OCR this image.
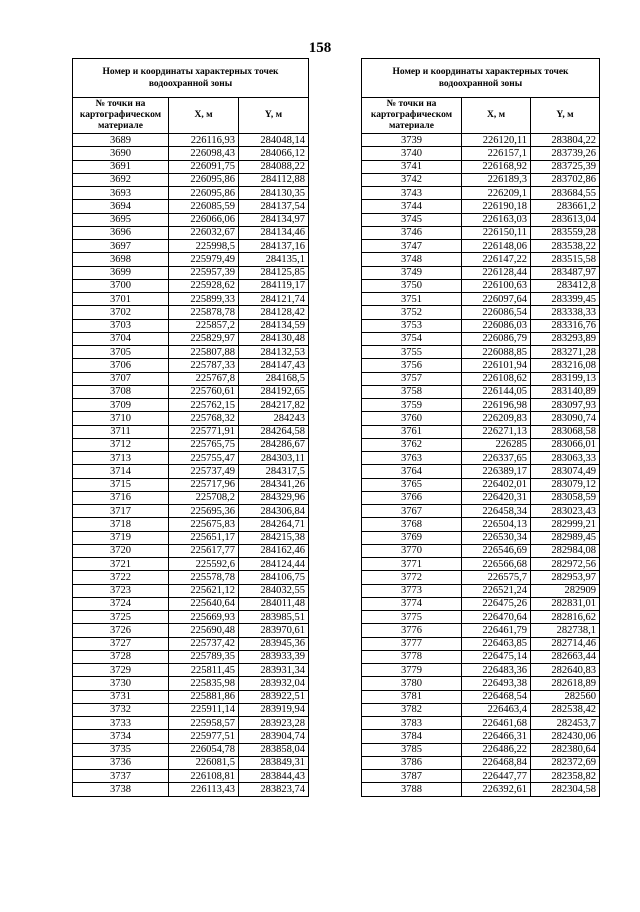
158
Номер и координаты характерных точек водоохранной зоны		
№ точки на картографическом материале	X, м	Y, м
3689	226116,93	284048,14
3690	226098,43	284066,12
3691	226091,75	284088,22
3692	226095,86	284112,88
3693	226095,86	284130,35
3694	226085,59	284137,54
3695	226066,06	284134,97
3696	226032,67	284134,46
3697	225998,5	284137,16
3698	225979,49	284135,1
3699	225957,39	284125,85
3700	225928,62	284119,17
3701	225899,33	284121,74
3702	225878,78	284128,42
3703	225857,2	284134,59
3704	225829,97	284130,48
3705	225807,88	284132,53
3706	225787,33	284147,43
3707	225767,8	284168,5
3708	225760,61	284192,65
3709	225762,15	284217,82
3710	225768,32	284243
3711	225771,91	284264,58
3712	225765,75	284286,67
3713	225755,47	284303,11
3714	225737,49	284317,5
3715	225717,96	284341,26
3716	225708,2	284329,96
3717	225695,36	284306,84
3718	225675,83	284264,71
3719	225651,17	284215,38
3720	225617,77	284162,46
3721	225592,6	284124,44
3722	225578,78	284106,75
3723	225621,12	284032,55
3724	225640,64	284011,48
3725	225669,93	283985,51
3726	225690,48	283970,61
3727	225737,42	283945,36
3728	225789,35	283933,39
3729	225811,45	283931,34
3730	225835,98	283932,04
3731	225881,86	283922,51
3732	225911,14	283919,94
3733	225958,57	283923,28
3734	225977,51	283904,74
3735	226054,78	283858,04
3736	226081,5	283849,31
3737	226108,81	283844,43
3738	226113,43	283823,74
Номер и координаты характерных точек водоохранной зоны		
№ точки на картографическом материале	X, м	Y, м
3739	226120,11	283804,22
3740	226157,1	283739,26
3741	226168,92	283725,39
3742	226189,3	283702,86
3743	226209,1	283684,55
3744	226190,18	283661,2
3745	226163,03	283613,04
3746	226150,11	283559,28
3747	226148,06	283538,22
3748	226147,22	283515,58
3749	226128,44	283487,97
3750	226100,63	283412,8
3751	226097,64	283399,45
3752	226086,54	283338,33
3753	226086,03	283316,76
3754	226086,79	283293,89
3755	226088,85	283271,28
3756	226101,94	283216,08
3757	226108,62	283199,13
3758	226144,05	283140,89
3759	226196,98	283097,93
3760	226209,83	283090,74
3761	226271,13	283068,58
3762	226285	283066,01
3763	226337,65	283063,33
3764	226389,17	283074,49
3765	226402,01	283079,12
3766	226420,31	283058,59
3767	226458,34	283023,43
3768	226504,13	282999,21
3769	226530,34	282989,45
3770	226546,69	282984,08
3771	226566,68	282972,56
3772	226575,7	282953,97
3773	226521,24	282909
3774	226475,26	282831,01
3775	226470,64	282816,62
3776	226461,79	282738,1
3777	226463,85	282714,46
3778	226475,14	282663,44
3779	226483,36	282640,83
3780	226493,38	282618,89
3781	226468,54	282560
3782	226463,4	282538,42
3783	226461,68	282453,7
3784	226466,31	282430,06
3785	226486,22	282380,64
3786	226468,84	282372,69
3787	226447,77	282358,82
3788	226392,61	282304,58
